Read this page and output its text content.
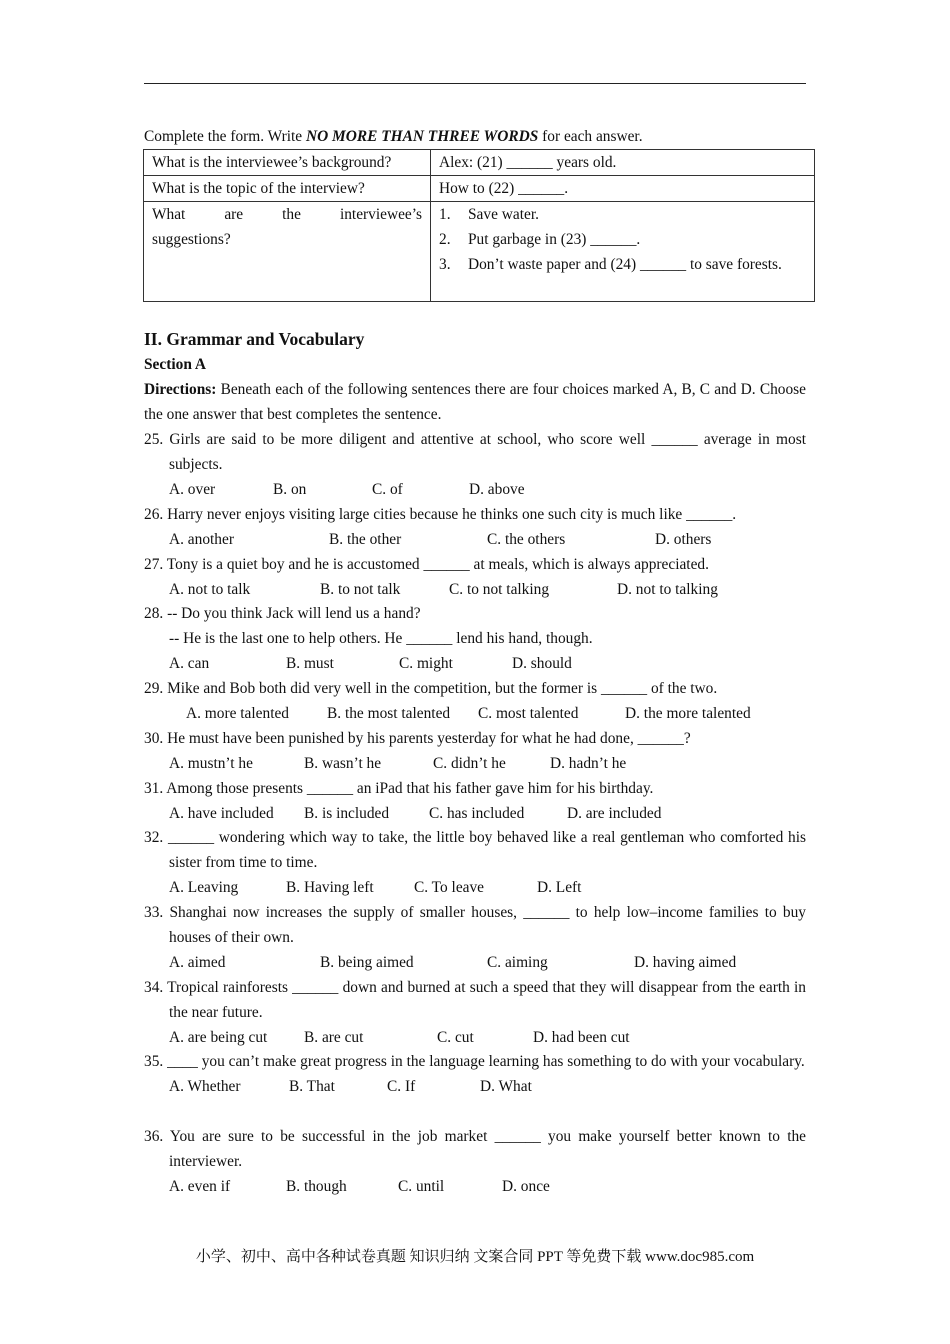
Complete the form. Write NO MORE THAN THREE WORDS for each answer.
What is the interviewee’s background?	Alex: (21) ______ years old.
What is the topic of the interview?	How to (22) ______.

What are the interviewee’s
suggestions?

1.	Save water.
2.	Put garbage in (23) ______.
3.	Don’t waste paper and (24) ______ to save forests.
II. Grammar and Vocabulary
Section A
Directions: Beneath each of the following sentences there are four choices marked A, B, C and D. Choose the one answer that best completes the sentence.
25. Girls are said to be more diligent and attentive at school, who score well ______ average in most subjects.
A. over	B. on	C. of	D. above
26. Harry never enjoys visiting large cities because he thinks one such city is much like ______.
A. another	B. the other	C. the others	D. others
27. Tony is a quiet boy and he is accustomed ______ at meals, which is always appreciated.
A. not to talk	B. to not talk	C. to not talking	D. not to talking
28. -- Do you think Jack will lend us a hand?
-- He is the last one to help others. He ______ lend his hand, though.
A. can	B. must	C. might	D. should
29. Mike and Bob both did very well in the competition, but the former is ______ of the two.
A. more talented B. the most talented C. most talented	D. the more talented
30. He must have been punished by his parents yesterday for what he had done, ______?
A. mustn’t he	B. wasn’t he	C. didn’t he	D. hadn’t he
31. Among those presents ______ an iPad that his father gave him for his birthday.
A. have included B. is included	C. has included	D. are included
32. ______ wondering which way to take, the little boy behaved like a real gentleman who comforted his sister from time to time.
A. Leaving	B. Having left	C. To leave	D. Left
33. Shanghai now increases the supply of smaller houses, ______ to help low–income families to buy houses of their own.
A. aimed	B. being aimed	C. aiming	D. having aimed
34. Tropical rainforests ______ down and burned at such a speed that they will disappear from the earth in the near future.
A. are being cut B. are cut	C. cut	D. had been cut
35. ____ you can’t make great progress in the language learning has something to do with your vocabulary.
A. Whether	B. That	C. If	D. What
36. You are sure to be successful in the job market ______ you make yourself better known to the interviewer.
A. even if	B. though	C. until	D. once
小学、初中、高中各种试卷真题 知识归纳 文案合同 PPT 等免费下载 www.doc985.com
